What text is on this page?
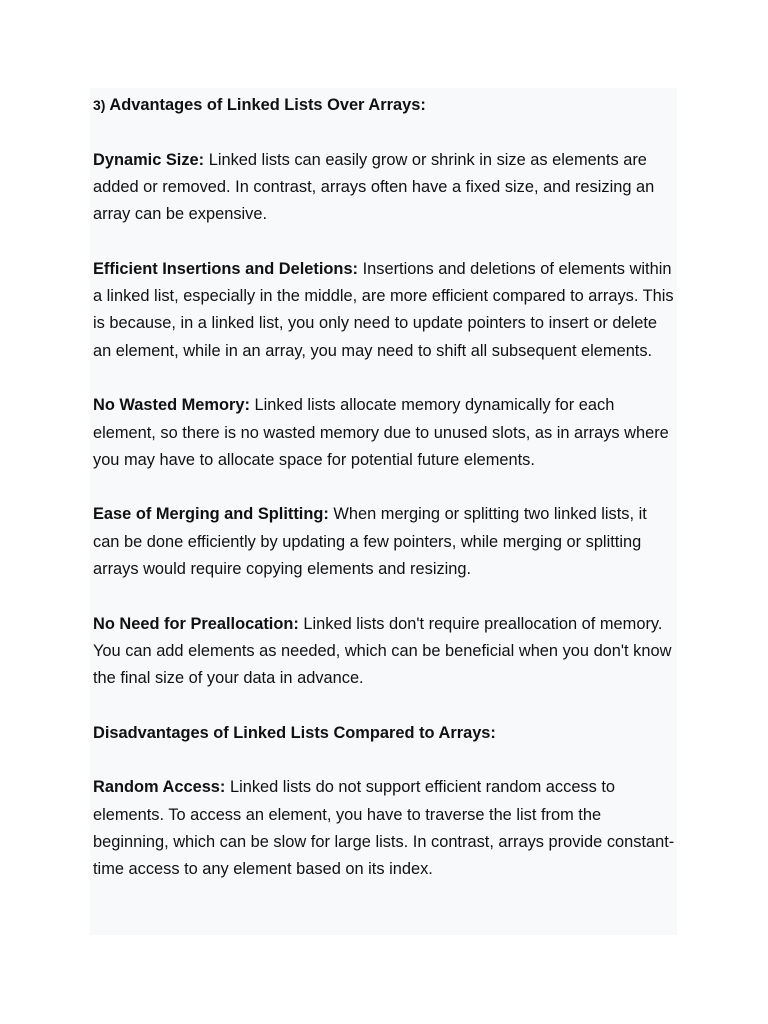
3) Advantages of Linked Lists Over Arrays:

Dynamic Size: Linked lists can easily grow or shrink in size as elements are added or removed. In contrast, arrays often have a fixed size, and resizing an array can be expensive.

Efficient Insertions and Deletions: Insertions and deletions of elements within a linked list, especially in the middle, are more efficient compared to arrays. This is because, in a linked list, you only need to update pointers to insert or delete an element, while in an array, you may need to shift all subsequent elements.

No Wasted Memory: Linked lists allocate memory dynamically for each element, so there is no wasted memory due to unused slots, as in arrays where you may have to allocate space for potential future elements.

Ease of Merging and Splitting: When merging or splitting two linked lists, it can be done efficiently by updating a few pointers, while merging or splitting arrays would require copying elements and resizing.

No Need for Preallocation: Linked lists don't require preallocation of memory. You can add elements as needed, which can be beneficial when you don't know the final size of your data in advance.

Disadvantages of Linked Lists Compared to Arrays:

Random Access: Linked lists do not support efficient random access to elements. To access an element, you have to traverse the list from the beginning, which can be slow for large lists. In contrast, arrays provide constant-time access to any element based on its index.
